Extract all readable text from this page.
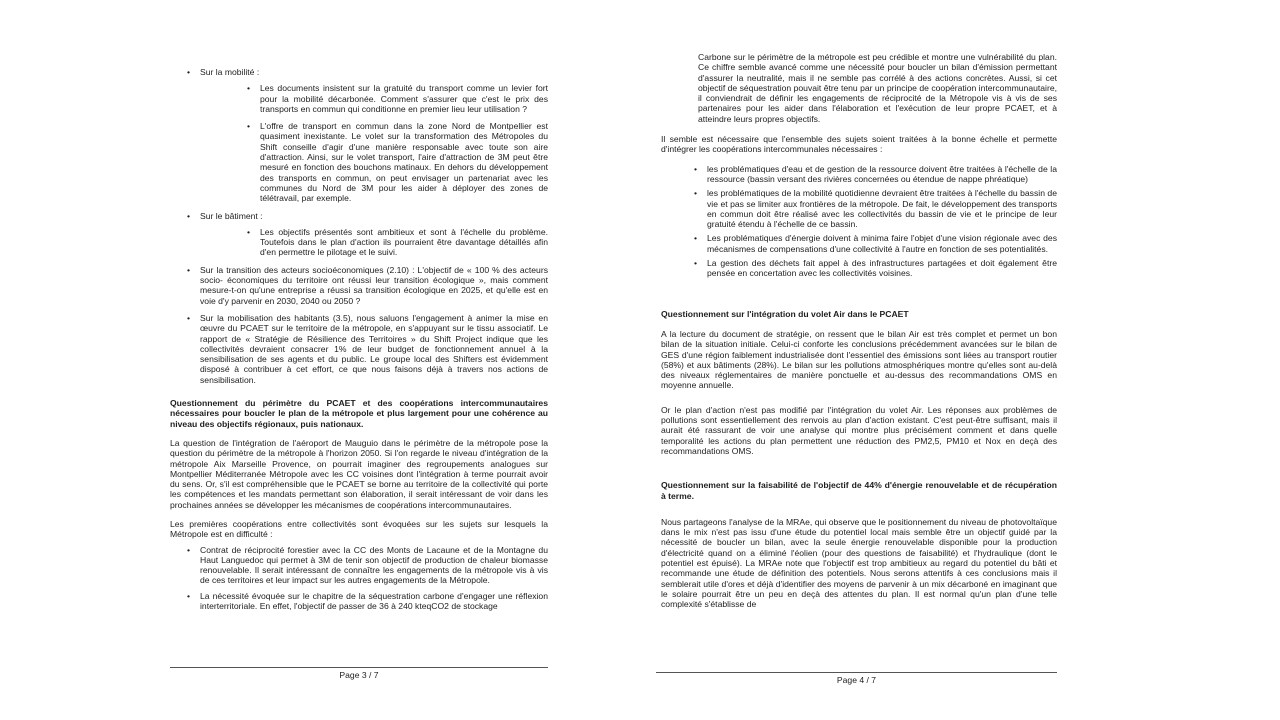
• Sur la mobilité :
• Les documents insistent sur la gratuité du transport comme un levier fort pour la mobilité décarbonée. Comment s'assurer que c'est le prix des transports en commun qui conditionne en premier lieu leur utilisation ?
• L'offre de transport en commun dans la zone Nord de Montpellier est quasiment inexistante. Le volet sur la transformation des Métropoles du Shift conseille d'agir d'une manière responsable avec toute son aire d'attraction. Ainsi, sur le volet transport, l'aire d'attraction de 3M peut être mesuré en fonction des bouchons matinaux. En dehors du développement des transports en commun, on peut envisager un partenariat avec les communes du Nord de 3M pour les aider à déployer des zones de télétravail, par exemple.
• Sur le bâtiment :
• Les objectifs présentés sont ambitieux et sont à l'échelle du problème. Toutefois dans le plan d'action ils pourraient être davantage détaillés afin d'en permettre le pilotage et le suivi.
• Sur la transition des acteurs socioéconomiques (2.10) : L'objectif de « 100 % des acteurs socio- économiques du territoire ont réussi leur transition écologique », mais comment mesure-t-on qu'une entreprise a réussi sa transition écologique en 2025, et qu'elle est en voie d'y parvenir en 2030, 2040 ou 2050 ?
• Sur la mobilisation des habitants (3.5), nous saluons l'engagement à animer la mise en œuvre du PCAET sur le territoire de la métropole, en s'appuyant sur le tissu associatif. Le rapport de « Stratégie de Résilience des Territoires » du Shift Project indique que les collectivités devraient consacrer 1% de leur budget de fonctionnement annuel à la sensibilisation de ses agents et du public. Le groupe local des Shifters est évidemment disposé à contribuer à cet effort, ce que nous faisons déjà à travers nos actions de sensibilisation.
Questionnement du périmètre du PCAET et des coopérations intercommunautaires nécessaires pour boucler le plan de la métropole et plus largement pour une cohérence au niveau des objectifs régionaux, puis nationaux.
La question de l'intégration de l'aéroport de Mauguio dans le périmètre de la métropole pose la question du périmètre de la métropole à l'horizon 2050. Si l'on regarde le niveau d'intégration de la métropole Aix Marseille Provence, on pourrait imaginer des regroupements analogues sur Montpellier Méditerranée Métropole avec les CC voisines dont l'intégration à terme pourrait avoir du sens. Or, s'il est compréhensible que le PCAET se borne au territoire de la collectivité qui porte les compétences et les mandats permettant son élaboration, il serait intéressant de voir dans les prochaines années se développer les mécanismes de coopérations intercommunautaires.
Les premières coopérations entre collectivités sont évoquées sur les sujets sur lesquels la Métropole est en difficulté :
• Contrat de réciprocité forestier avec la CC des Monts de Lacaune et de la Montagne du Haut Languedoc qui permet à 3M de tenir son objectif de production de chaleur biomasse renouvelable. Il serait intéressant de connaître les engagements de la métropole vis à vis de ces territoires et leur impact sur les autres engagements de la Métropole.
• La nécessité évoquée sur le chapitre de la séquestration carbone d'engager une réflexion interterritoriale. En effet, l'objectif de passer de 36 à 240 kteqCO2 de stockage
Page 3 / 7
Carbone sur le périmètre de la métropole est peu crédible et montre une vulnérabilité du plan. Ce chiffre semble avancé comme une nécessité pour boucler un bilan d'émission permettant d'assurer la neutralité, mais il ne semble pas corrélé à des actions concrètes. Aussi, si cet objectif de séquestration pouvait être tenu par un principe de coopération intercommunautaire, il conviendrait de définir les engagements de réciprocité de la Métropole vis à vis de ses partenaires pour les aider dans l'élaboration et l'exécution de leur propre PCAET, et à atteindre leurs propres objectifs.
Il semble est nécessaire que l'ensemble des sujets soient traitées à la bonne échelle et permette d'intégrer les coopérations intercommunales nécessaires :
• les problématiques d'eau et de gestion de la ressource doivent être traitées à l'échelle de la ressource (bassin versant des rivières concernées ou étendue de nappe phréatique)
• les problématiques de la mobilité quotidienne devraient être traitées à l'échelle du bassin de vie et pas se limiter aux frontières de la métropole. De fait, le développement des transports en commun doit être réalisé avec les collectivités du bassin de vie et le principe de leur gratuité étendu à l'échelle de ce bassin.
• Les problématiques d'énergie doivent à minima faire l'objet d'une vision régionale avec des mécanismes de compensations d'une collectivité à l'autre en fonction de ses potentialités.
• La gestion des déchets fait appel à des infrastructures partagées et doit également être pensée en concertation avec les collectivités voisines.
Questionnement sur l'intégration du volet Air dans le PCAET
A la lecture du document de stratégie, on ressent que le bilan Air est très complet et permet un bon bilan de la situation initiale. Celui-ci conforte les conclusions précédemment avancées sur le bilan de GES d'une région faiblement industrialisée dont l'essentiel des émissions sont liées au transport routier (58%) et aux bâtiments (28%). Le bilan sur les pollutions atmosphériques montre qu'elles sont au-delà des niveaux réglementaires de manière ponctuelle et au-dessus des recommandations OMS en moyenne annuelle.
Or le plan d'action n'est pas modifié par l'intégration du volet Air. Les réponses aux problèmes de pollutions sont essentiellement des renvois au plan d'action existant. C'est peut-être suffisant, mais il aurait été rassurant de voir une analyse qui montre plus précisément comment et dans quelle temporalité les actions du plan permettent une réduction des PM2,5, PM10 et Nox en deçà des recommandations OMS.
Questionnement sur la faisabilité de l'objectif de 44% d'énergie renouvelable et de récupération à terme.
Nous partageons l'analyse de la MRAe, qui observe que le positionnement du niveau de photovoltaïque dans le mix n'est pas issu d'une étude du potentiel local mais semble être un objectif guidé par la nécessité de boucler un bilan, avec la seule énergie renouvelable disponible pour la production d'électricité quand on a éliminé l'éolien (pour des questions de faisabilité) et l'hydraulique (dont le potentiel est épuisé). La MRAe note que l'objectif est trop ambitieux au regard du potentiel du bâti et recommande une étude de définition des potentiels. Nous serons attentifs à ces conclusions mais il semblerait utile d'ores et déjà d'identifier des moyens de parvenir à un mix décarboné en imaginant que le solaire pourrait être un peu en deçà des attentes du plan. Il est normal qu'un plan d'une telle complexité s'établisse de
Page 4 / 7
